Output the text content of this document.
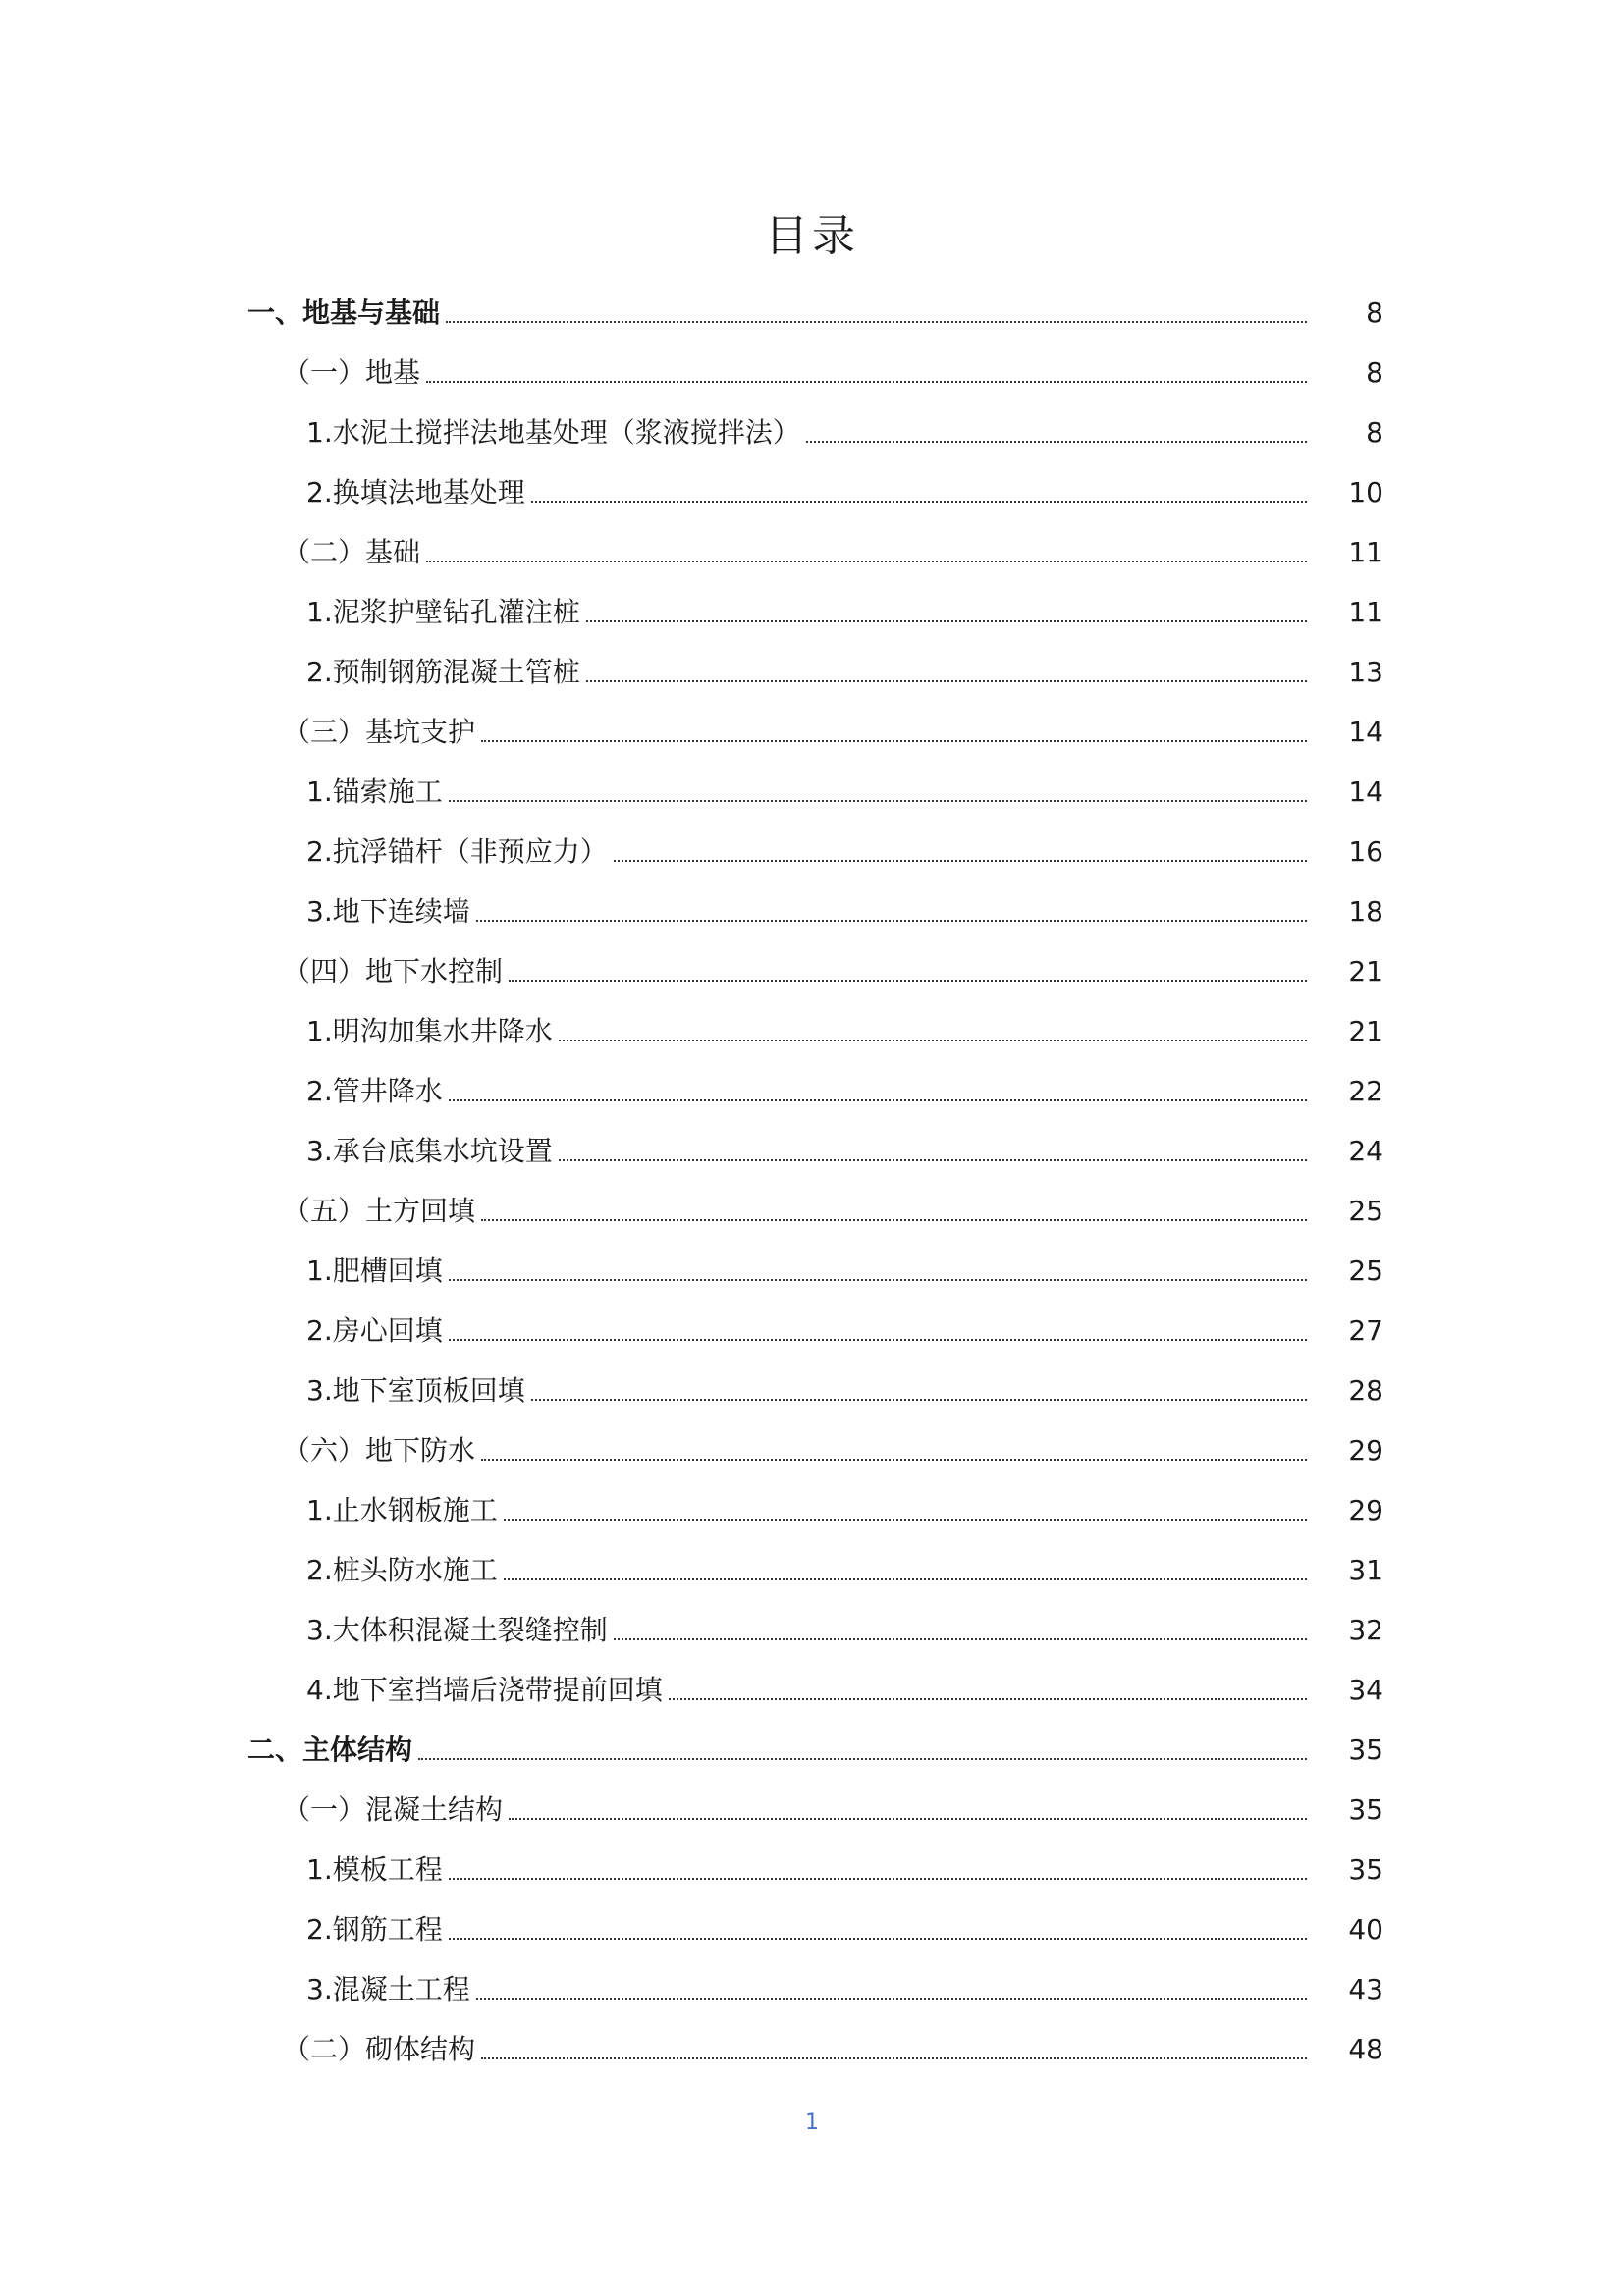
目录
一、地基与基础	8
（一）地基	8
1.水泥土搅拌法地基处理（浆液搅拌法）	8
2.换填法地基处理	10
（二）基础	11
1.泥浆护壁钻孔灌注桩	11
2.预制钢筋混凝土管桩	13
（三）基坑支护	14
1.锚索施工	14
2.抗浮锚杆（非预应力）	16
3.地下连续墙	18
（四）地下水控制	21
1.明沟加集水井降水	21
2.管井降水	22
3.承台底集水坑设置	24
（五）土方回填	25
1.肥槽回填	25
2.房心回填	27
3.地下室顶板回填	28
（六）地下防水	29
1.止水钢板施工	29
2.桩头防水施工	31
3.大体积混凝土裂缝控制	32
4.地下室挡墙后浇带提前回填	34
二、主体结构	35
（一）混凝土结构	35
1.模板工程	35
2.钢筋工程	40
3.混凝土工程	43
（二）砌体结构	48
1
